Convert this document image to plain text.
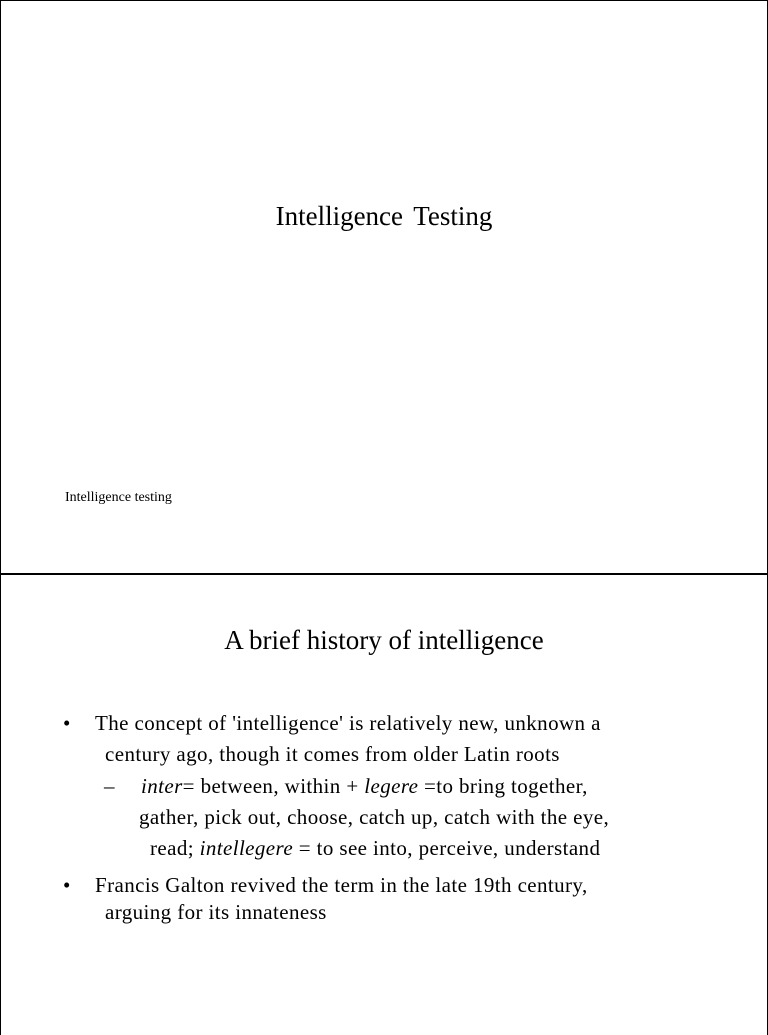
Intelligence Testing
Intelligence testing
A brief history of intelligence
• The concept of 'intelligence' is relatively new, unknown a
century ago, though it comes from older Latin roots
– inter= between, within + legere =to bring together,
gather, pick out, choose, catch up, catch with the eye,
read; intellegere = to see into, perceive, understand
• Francis Galton revived the term in the late 19th century,
arguing for its innateness
